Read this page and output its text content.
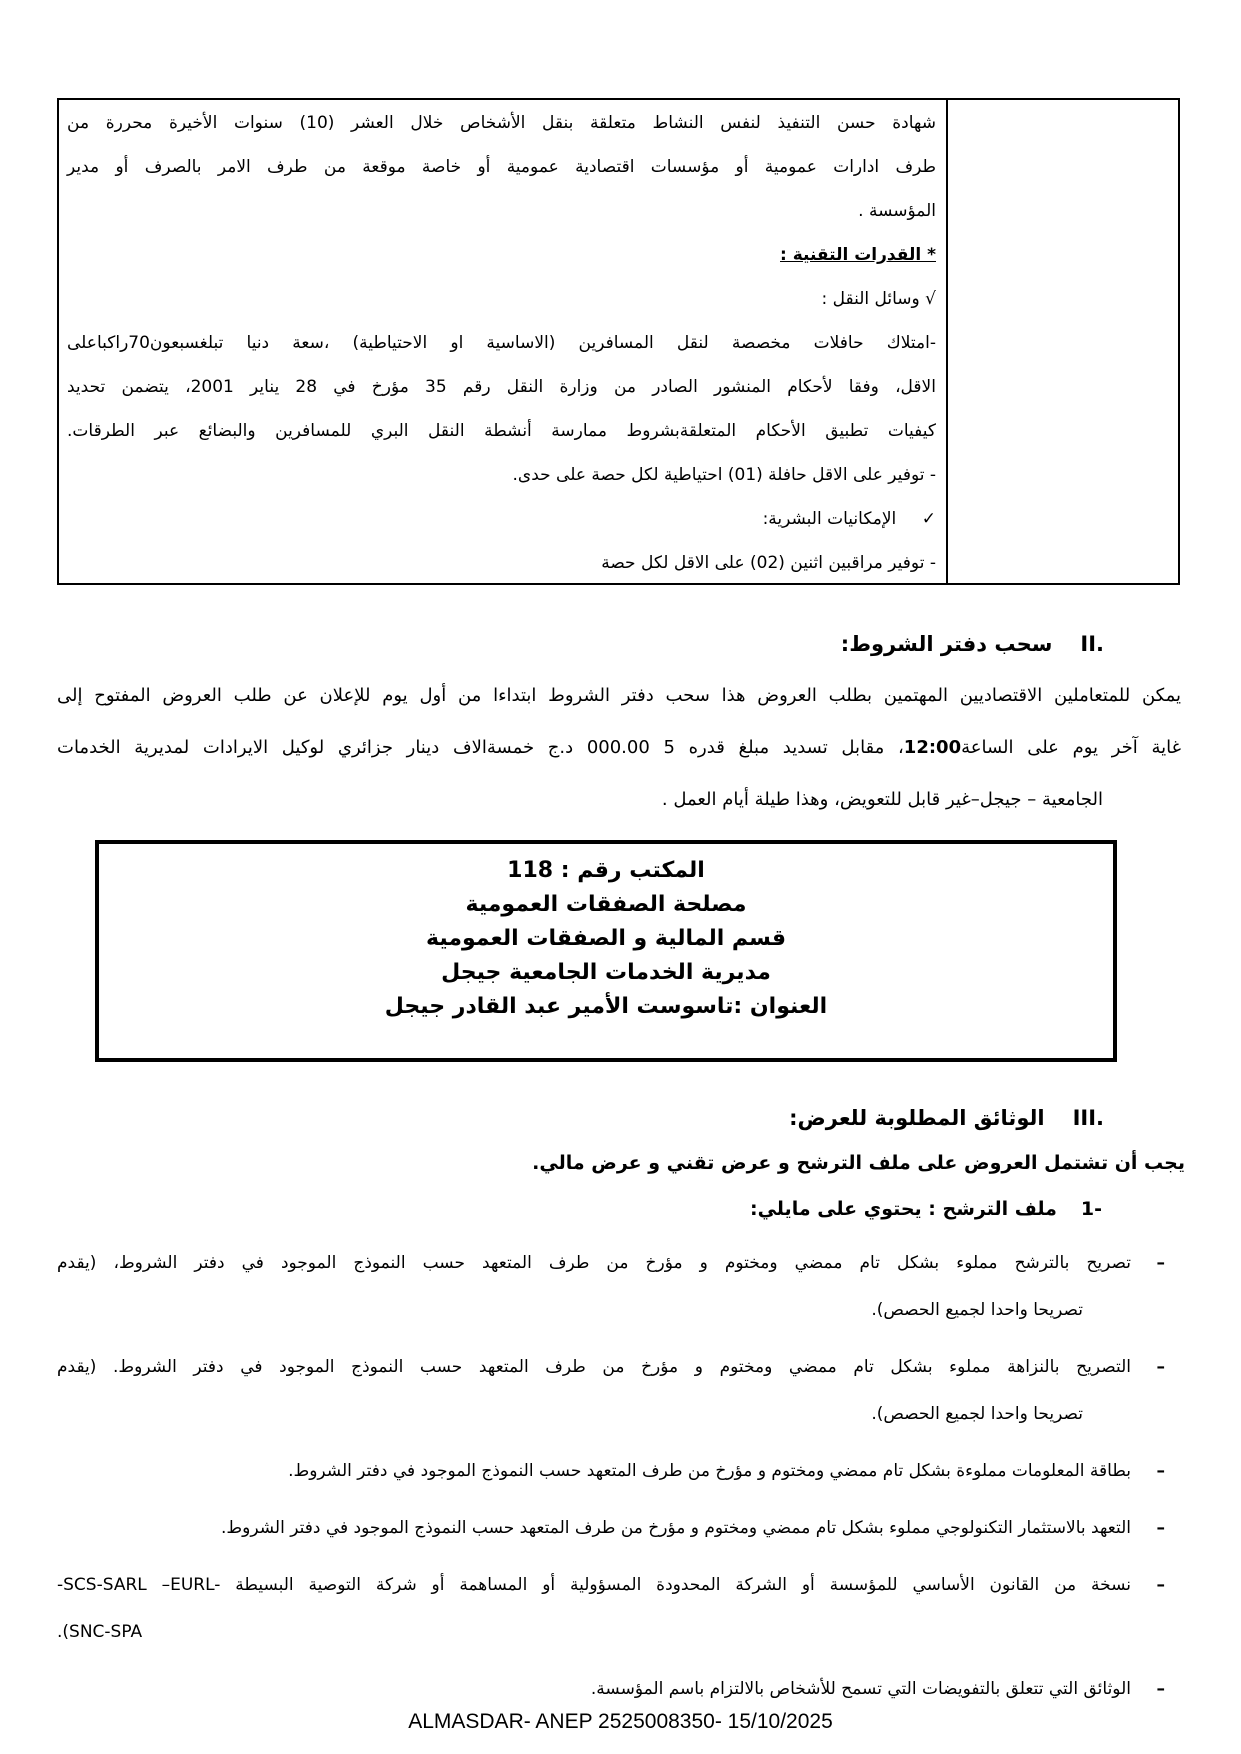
شهادة حسن التنفيذ لنفس النشاط متعلقة بنقل الأشخاص خلال العشر (10) سنوات الأخيرة محررة من
طرف ادارات عمومية أو مؤسسات اقتصادية عمومية أو خاصة موقعة من طرف الامر بالصرف أو مدير
المؤسسة .
* القدرات التقنية :
√ وسائل النقل :
-امتلاك حافلات مخصصة لنقل المسافرين (الاساسية او الاحتياطية) ،سعة دنيا تبلغسبعون70راكباعلى
الاقل، وفقا لأحكام المنشور الصادر من وزارة النقل رقم 35 مؤرخ في 28 يناير 2001، يتضمن تحديد
كيفيات تطبيق الأحكام المتعلقةبشروط ممارسة أنشطة النقل البري للمسافرين والبضائع عبر الطرقات.
- توفير على الاقل حافلة (01) احتياطية لكل حصة على حدى.
✓  الإمكانيات البشرية:
- توفير مراقبين اثنين (02) على الاقل لكل حصة
‎II.‎سحب دفتر الشروط:
يمكن للمتعاملين الاقتصاديين المهتمين بطلب العروض هذا سحب دفتر الشروط ابتداءا من أول يوم للإعلان عن طلب العروض المفتوح إلى
غاية آخر يوم على الساعة12:00، مقابل تسديد مبلغ قدره 5 000.00 د.ج خمسةالاف دينار جزائري لوكيل الايرادات لمديرية الخدمات
الجامعية – جيجل–غير قابل للتعويض، وهذا طيلة أيام العمل .
المكتب رقم : 118
مصلحة الصفقات العمومية
قسم المالية و الصفقات العمومية
مديرية الخدمات الجامعية جيجل
العنوان :تاسوست الأمير عبد القادر جيجل
‎III.‎الوثائق المطلوبة للعرض:
يجب أن تشتمل العروض على ملف الترشح و عرض تقني و عرض مالي.
‎1-‎ملف الترشح : يحتوي على مايلي:
–
تصريح بالترشح مملوء بشكل تام ممضي ومختوم و مؤرخ من طرف المتعهد حسب النموذج الموجود في دفتر الشروط، (يقدم
تصريحا واحدا لجميع الحصص).
–
التصريح بالنزاهة مملوء بشكل تام ممضي ومختوم و مؤرخ من طرف المتعهد حسب النموذج الموجود في دفتر الشروط. (يقدم
تصريحا واحدا لجميع الحصص).
–
بطاقة المعلومات مملوءة بشكل تام ممضي ومختوم و مؤرخ من طرف المتعهد حسب النموذج الموجود في دفتر الشروط.
–
التعهد بالاستثمار التكنولوجي مملوء بشكل تام ممضي ومختوم و مؤرخ من طرف المتعهد حسب النموذج الموجود في دفتر الشروط.
–
نسخة من القانون الأساسي للمؤسسة أو الشركة المحدودة المسؤولية أو المساهمة أو شركة التوصية البسيطة ‎-SCS-SARL –EURL-‎
.(SNC-SPA
–
الوثائق التي تتعلق بالتفويضات التي تسمح للأشخاص بالالتزام باسم المؤسسة.
ALMASDAR- ANEP 2525008350- 15/10/2025
